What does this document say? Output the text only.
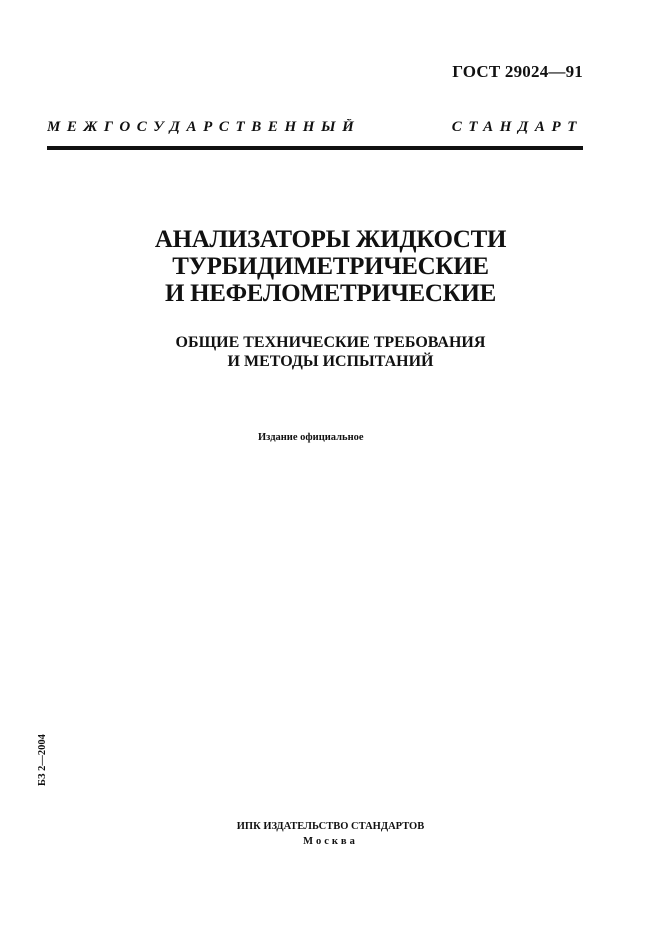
ГОСТ 29024—91
МЕЖГОСУДАРСТВЕННЫЙ СТАНДАРТ
АНАЛИЗАТОРЫ ЖИДКОСТИ
ТУРБИДИМЕТРИЧЕСКИЕ
И НЕФЕЛОМЕТРИЧЕСКИЕ
ОБЩИЕ ТЕХНИЧЕСКИЕ ТРЕБОВАНИЯ
И МЕТОДЫ ИСПЫТАНИЙ
Издание официальное
БЗ 2—2004
ИПК ИЗДАТЕЛЬСТВО СТАНДАРТОВ
Москва
